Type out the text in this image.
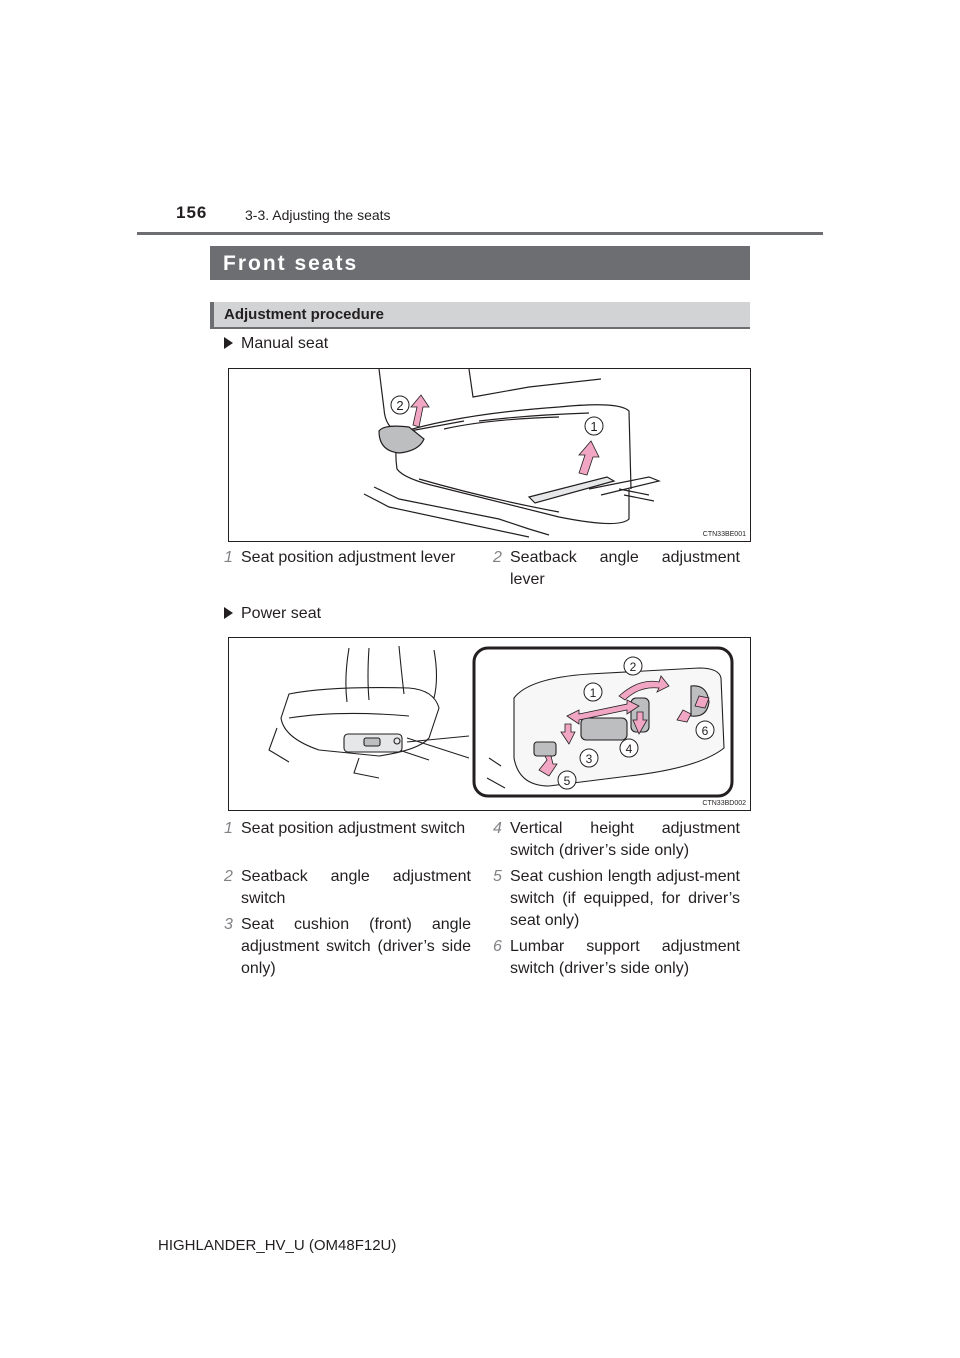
156	3-3. Adjusting the seats
Front seats
Adjustment procedure
Manual seat
2
1
CTN33BE001
1 Seat position adjustment lever	2 Seatback angle adjustment lever
Power seat
1
2
3
4
5
6
CTN33BD002
1 Seat position adjustment switch
2 Seatback angle adjustment switch
3 Seat cushion (front) angle adjustment switch (driver’s side only)
4 Vertical height adjustment switch (driver’s side only)
5 Seat cushion length adjust-ment switch (if equipped, for driver’s seat only)
6 Lumbar support adjustment switch (driver’s side only)
HIGHLANDER_HV_U (OM48F12U)
